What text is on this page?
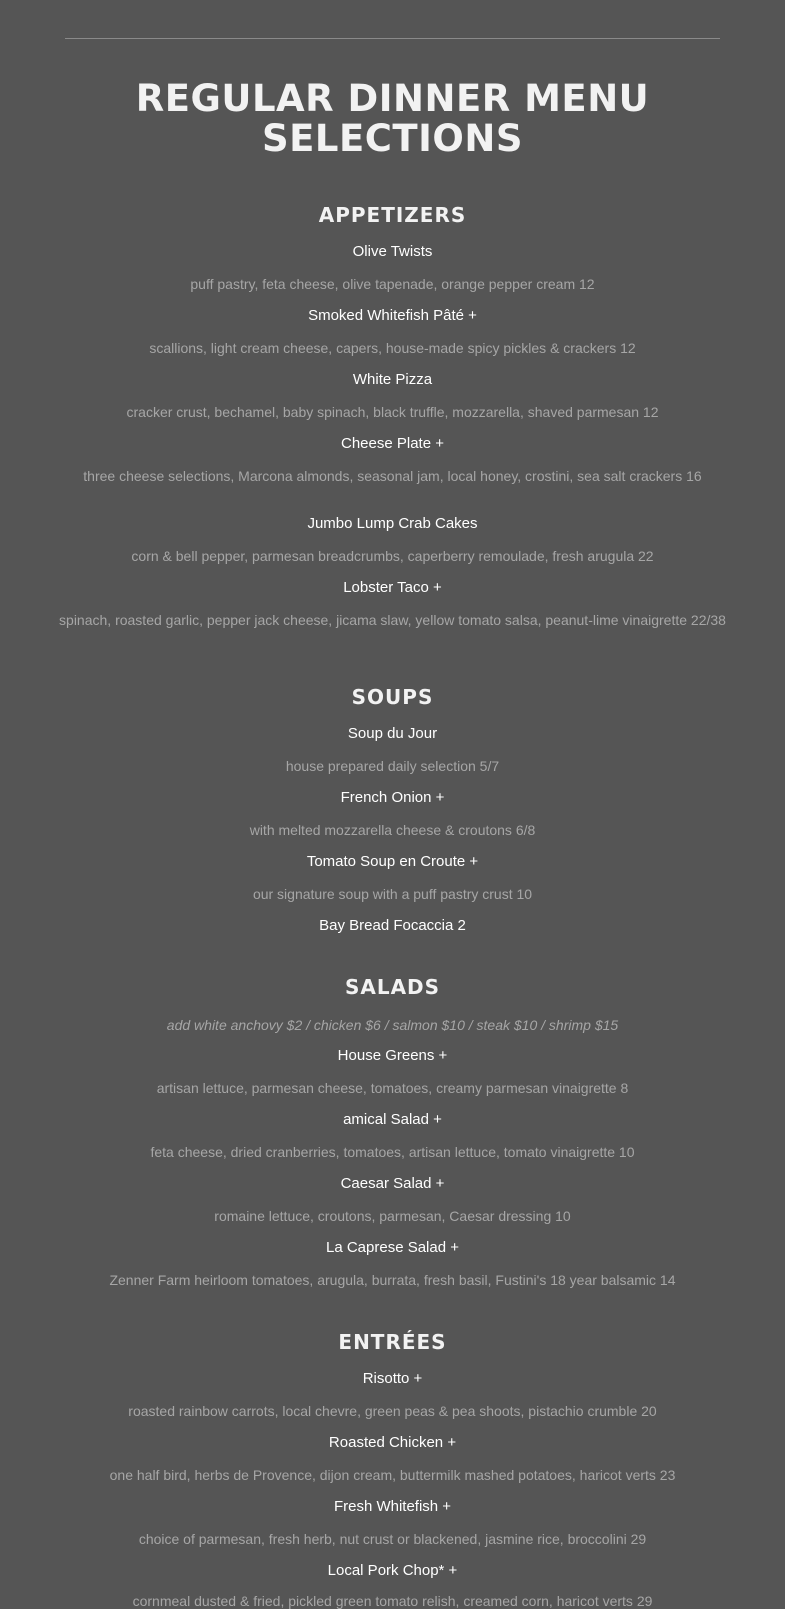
REGULAR DINNER MENU SELECTIONS
APPETIZERS
Olive Twists
puff pastry, feta cheese, olive tapenade, orange pepper cream 12
Smoked Whitefish Pâté +
scallions, light cream cheese, capers, house-made spicy pickles & crackers 12
White Pizza
cracker crust, bechamel, baby spinach, black truffle, mozzarella, shaved parmesan 12
Cheese Plate +
three cheese selections, Marcona almonds, seasonal jam, local honey, crostini, sea salt crackers 16
Jumbo Lump Crab Cakes
corn & bell pepper, parmesan breadcrumbs, caperberry remoulade, fresh arugula 22
Lobster Taco +
spinach, roasted garlic, pepper jack cheese, jicama slaw, yellow tomato salsa, peanut-lime vinaigrette 22/38
SOUPS
Soup du Jour
house prepared daily selection 5/7
French Onion +
with melted mozzarella cheese & croutons 6/8
Tomato Soup en Croute +
our signature soup with a puff pastry crust 10
Bay Bread Focaccia 2
SALADS
add white anchovy $2 / chicken $6 / salmon $10 / steak $10 / shrimp $15
House Greens +
artisan lettuce, parmesan cheese, tomatoes, creamy parmesan vinaigrette 8
amical Salad +
feta cheese, dried cranberries, tomatoes, artisan lettuce, tomato vinaigrette 10
Caesar Salad +
romaine lettuce, croutons, parmesan, Caesar dressing 10
La Caprese Salad +
Zenner Farm heirloom tomatoes, arugula, burrata, fresh basil, Fustini's 18 year balsamic 14
ENTRÉES
Risotto +
roasted rainbow carrots, local chevre, green peas & pea shoots, pistachio crumble 20
Roasted Chicken +
one half bird, herbs de Provence, dijon cream, buttermilk mashed potatoes, haricot verts 23
Fresh Whitefish +
choice of parmesan, fresh herb, nut crust or blackened, jasmine rice, broccolini 29
Local Pork Chop* +
cornmeal dusted & fried, pickled green tomato relish, creamed corn, haricot verts 29
